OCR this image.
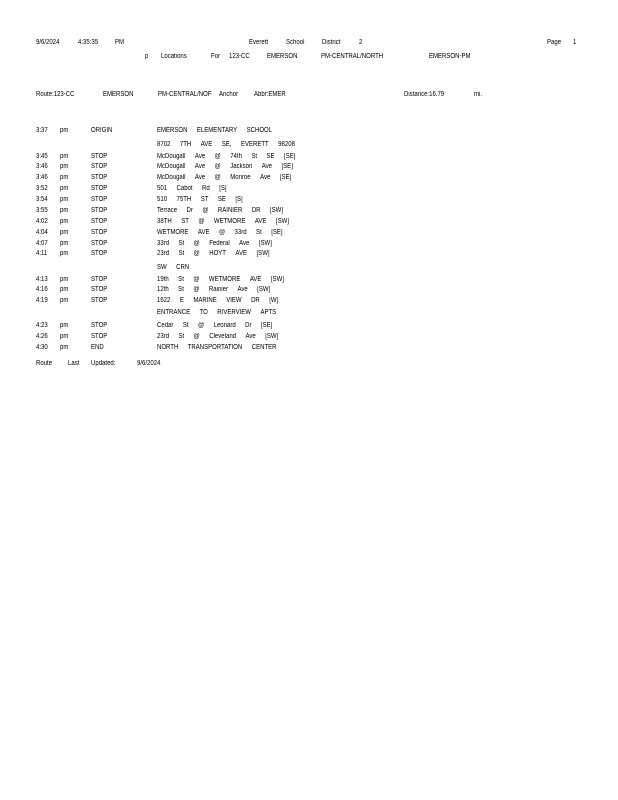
9/6/2024	4:35:35 PM	Everett	School	District	2	Page 1
p Locations	For 123-CC EMERSON	PM-CENTRAL/NORTH	EMERSON-PM
Route:123-CC	EMERSON	PM-CENTRAL/NOF Anchor Abbr:EMER	Distance:16.79	mi.
3:37 pm	ORIGIN	EMERSON ELEMENTARY SCHOOL
8702 7TH AVE SE, EVERETT 98208
3:45 pm	STOP	McDougall Ave @ 74th St SE [SE]
3:46 pm	STOP	McDougall Ave @ Jackson Ave [SE]
3:46 pm	STOP	McDougall Ave @ Monroe Ave [SE]
3:52 pm	STOP	501 Cabot Rd [S]
3:54 pm	STOP	510 75TH ST SE [S]
3:55 pm	STOP	Terrace Dr @ RAINIER DR [SW]
4:02 pm	STOP	38TH ST @ WETMORE AVE [SW]
4:04 pm	STOP	WETMORE AVE @ 33rd St [SE]
4:07 pm	STOP	33rd St @ Federal Ave [SW]
4:11 pm	STOP	23rd St @ HOYT AVE [SW]
SW CRN
4:13 pm	STOP	19th St @ WETMORE AVE [SW]
4:16 pm	STOP	12th St @ Rainier Ave [SW]
4:19 pm	STOP	1622 E MARINE VIEW DR [W]
ENTRANCE TO RIVERVIEW APTS
4:23 pm	STOP	Cedar St @ Leonard Dr [SE]
4:26 pm	STOP	23rd St @ Cleveland Ave [SW]
4:30 pm	END	NORTH TRANSPORTATION CENTER
Route Last Updated:	9/6/2024
